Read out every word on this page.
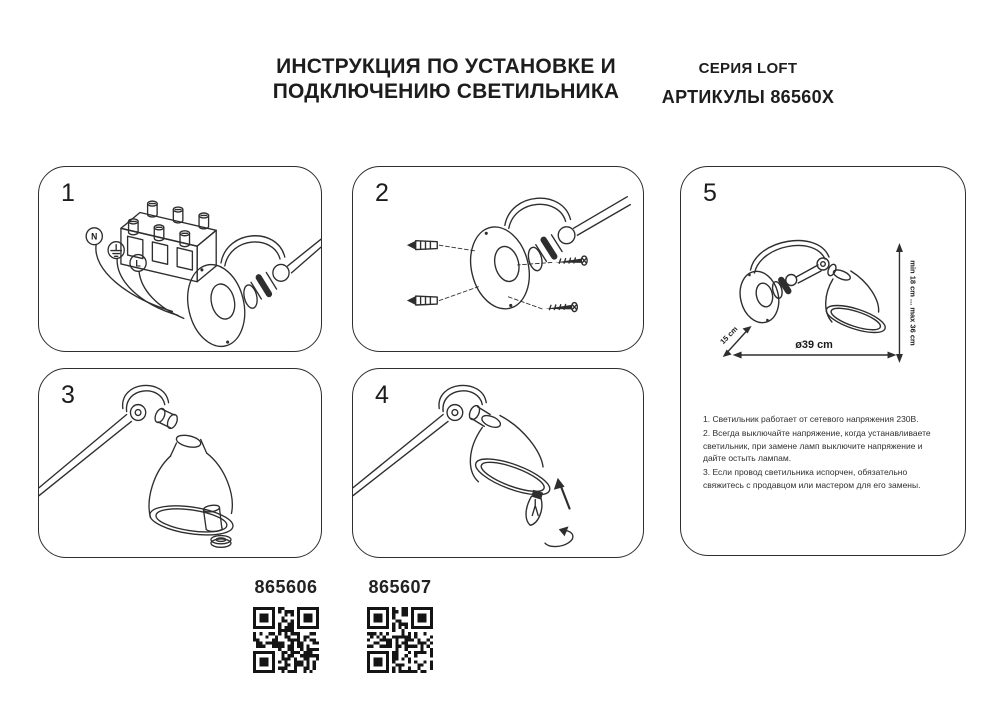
ИНСТРУКЦИЯ ПО УСТАНОВКЕ И
ПОДКЛЮЧЕНИЮ СВЕТИЛЬНИКА
СЕРИЯ LOFT
АРТИКУЛЫ 86560X
1
N
L
2
3	4
5
min 18 cm ... max 36 cm
ø39 cm
15 cm

1. Светильник работает от сетевого напряжения 230В.

2. Всегда выключайте напряжение, когда устанавливаете светильник, при замене ламп выключите напряжение и дайте остыть лампам.

3. Если провод светильника испорчен, обязательно свяжитесь с продавцом или мастером для его замены.

865606	865607
